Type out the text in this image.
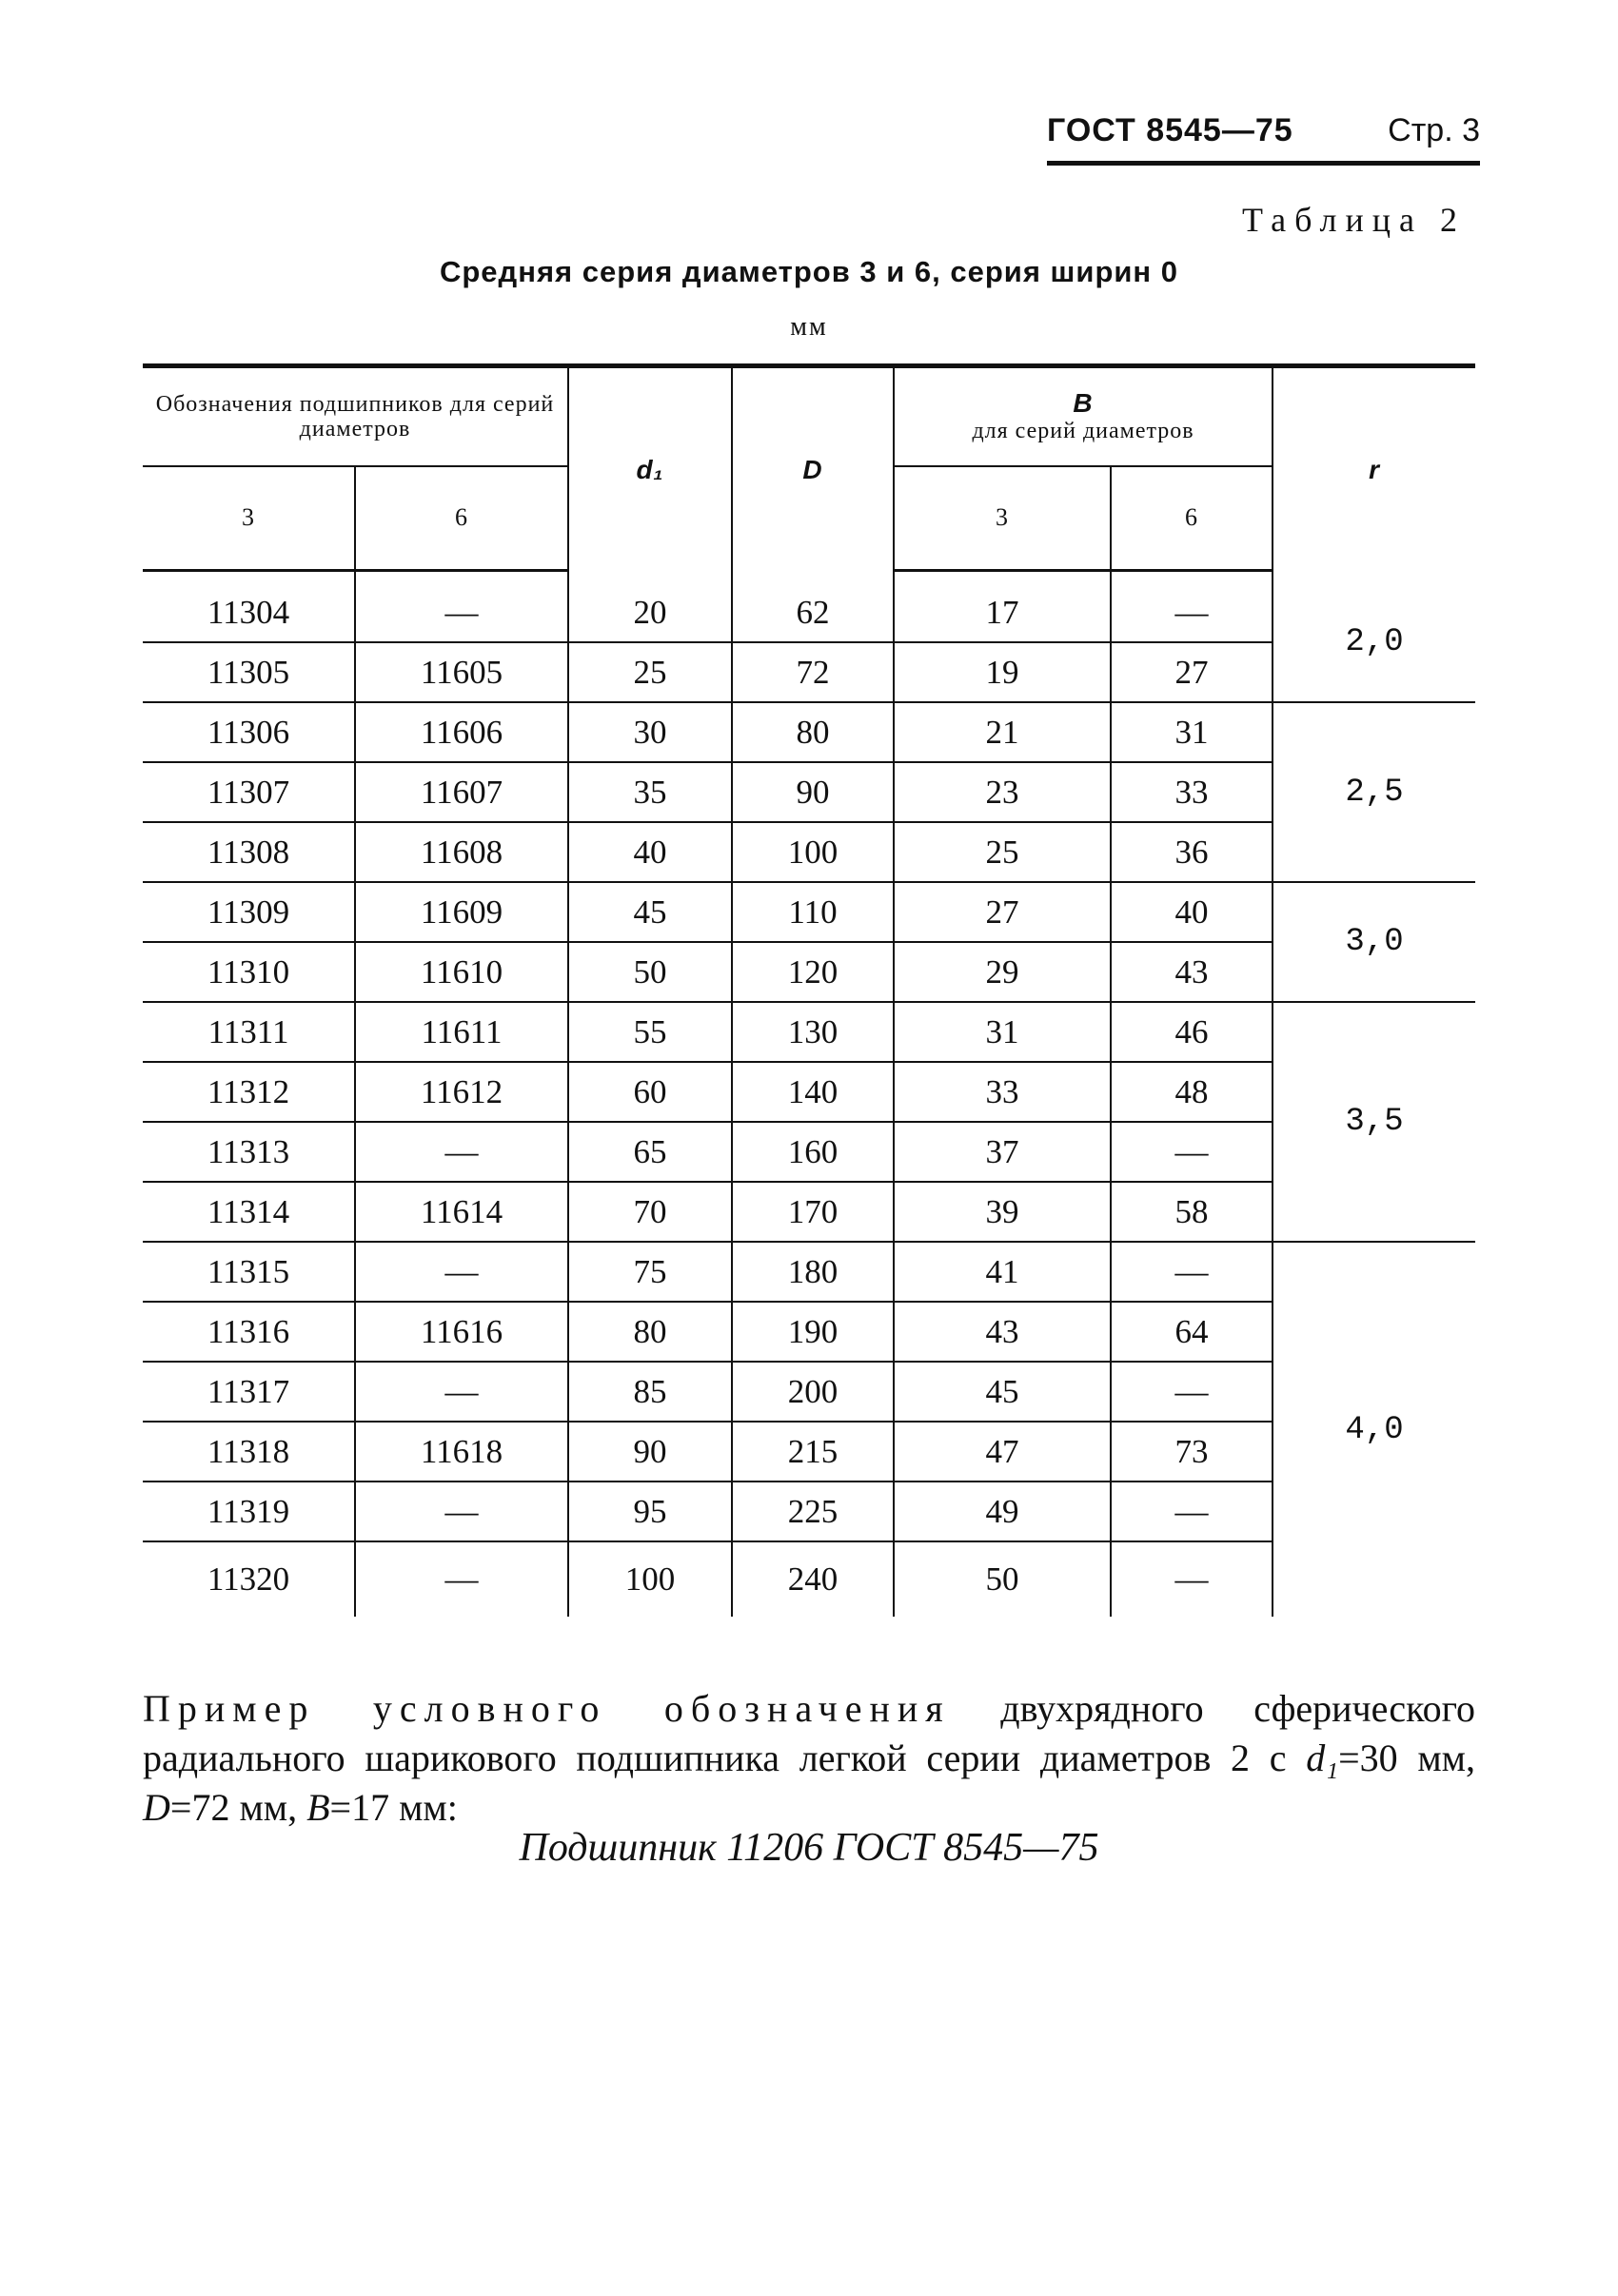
ГОСТ 8545—75	Стр. 3
Таблица 2
Средняя серия диаметров 3 и 6, серия ширин 0
мм
Обозначения подшипников для серий диаметров		d₁	D	B
для серий диаметров		r
3	6			3	6	

11304	—	20	62	17	—	2,0
11305	11605	25	72	19	27	
11306	11606	30	80	21	31	2,5
11307	11607	35	90	23	33	
11308	11608	40	100	25	36	
11309	11609	45	110	27	40	3,0
11310	11610	50	120	29	43	
11311	11611	55	130	31	46	3,5
11312	11612	60	140	33	48	
11313	—	65	160	37	—	
11314	11614	70	170	39	58	
11315	—	75	180	41	—	4,0
11316	11616	80	190	43	64	
11317	—	85	200	45	—	
11318	11618	90	215	47	73	
11319	—	95	225	49	—	
11320	—	100	240	50	—	
Пример условного обозначения двухрядного сферического радиального шарикового подшипника легкой серии диаметров 2 с d₁=30 мм, D=72 мм, B=17 мм:
Подшипник 11206 ГОСТ 8545—75
